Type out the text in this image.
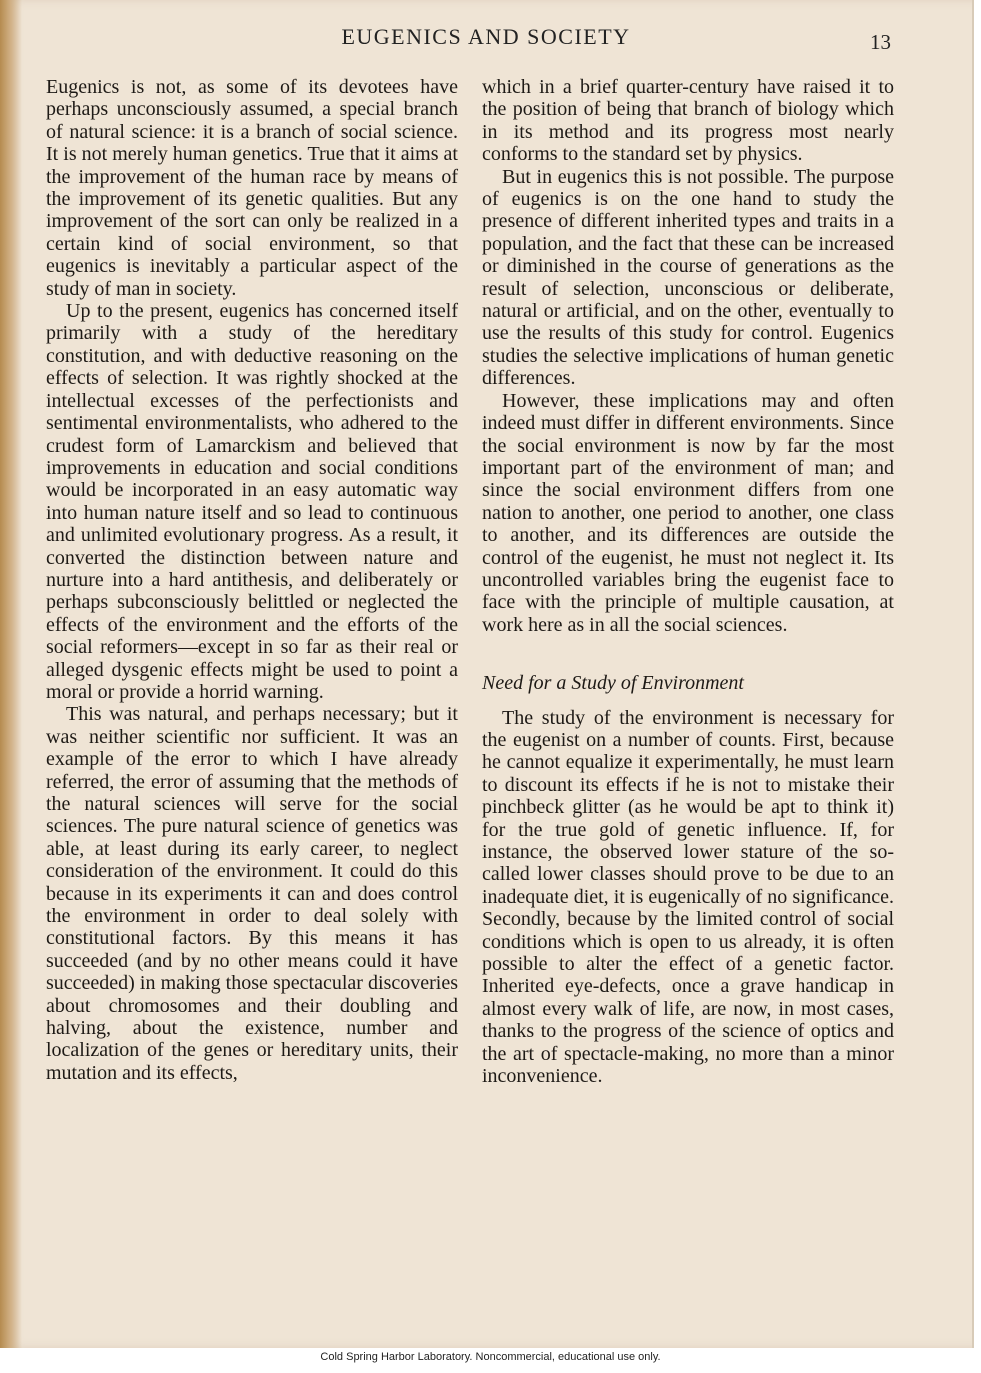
EUGENICS AND SOCIETY	13

Eugenics is not, as some of its devotees have perhaps unconsciously assumed, a special branch of natural science: it is a branch of social science. It is not merely human genetics. True that it aims at the improvement of the human race by means of the improvement of its genetic qualities. But any improvement of the sort can only be realized in a certain kind of social environment, so that eugenics is inevitably a particular aspect of the study of man in society.

Up to the present, eugenics has concerned itself primarily with a study of the hereditary constitution, and with deductive reasoning on the effects of selection. It was rightly shocked at the intellectual excesses of the perfectionists and sentimental environmentalists, who adhered to the crudest form of Lamarckism and believed that improvements in education and social conditions would be incorporated in an easy automatic way into human nature itself and so lead to continuous and unlimited evolutionary progress. As a result, it converted the distinction between nature and nurture into a hard antithesis, and deliberately or perhaps subconsciously belittled or neglected the effects of the environment and the efforts of the social reformers—except in so far as their real or alleged dysgenic effects might be used to point a moral or provide a horrid warning.

This was natural, and perhaps necessary; but it was neither scientific nor sufficient. It was an example of the error to which I have already referred, the error of assuming that the methods of the natural sciences will serve for the social sciences. The pure natural science of genetics was able, at least during its early career, to neglect consideration of the environment. It could do this because in its experiments it can and does control the environment in order to deal solely with constitutional factors. By this means it has succeeded (and by no other means could it have succeeded) in making those spectacular discoveries about chromosomes and their doubling and halving, about the existence, number and localization of the genes or hereditary units, their mutation and its effects,

which in a brief quarter-century have raised it to the position of being that branch of biology which in its method and its progress most nearly conforms to the standard set by physics.

But in eugenics this is not possible. The purpose of eugenics is on the one hand to study the presence of different inherited types and traits in a population, and the fact that these can be increased or diminished in the course of generations as the result of selection, unconscious or deliberate, natural or artificial, and on the other, eventually to use the results of this study for control. Eugenics studies the selective implications of human genetic differences.

However, these implications may and often indeed must differ in different environments. Since the social environment is now by far the most important part of the environment of man; and since the social environment differs from one nation to another, one period to another, one class to another, and its differences are outside the control of the eugenist, he must not neglect it. Its uncontrolled variables bring the eugenist face to face with the principle of multiple causation, at work here as in all the social sciences.

Need for a Study of Environment

The study of the environment is necessary for the eugenist on a number of counts. First, because he cannot equalize it experimentally, he must learn to discount its effects if he is not to mistake their pinchbeck glitter (as he would be apt to think it) for the true gold of genetic influence. If, for instance, the observed lower stature of the so-called lower classes should prove to be due to an inadequate diet, it is eugenically of no significance. Secondly, because by the limited control of social conditions which is open to us already, it is often possible to alter the effect of a genetic factor. Inherited eye-defects, once a grave handicap in almost every walk of life, are now, in most cases, thanks to the progress of the science of optics and the art of spectacle-making, no more than a minor inconvenience.

Cold Spring Harbor Laboratory. Noncommercial, educational use only.
